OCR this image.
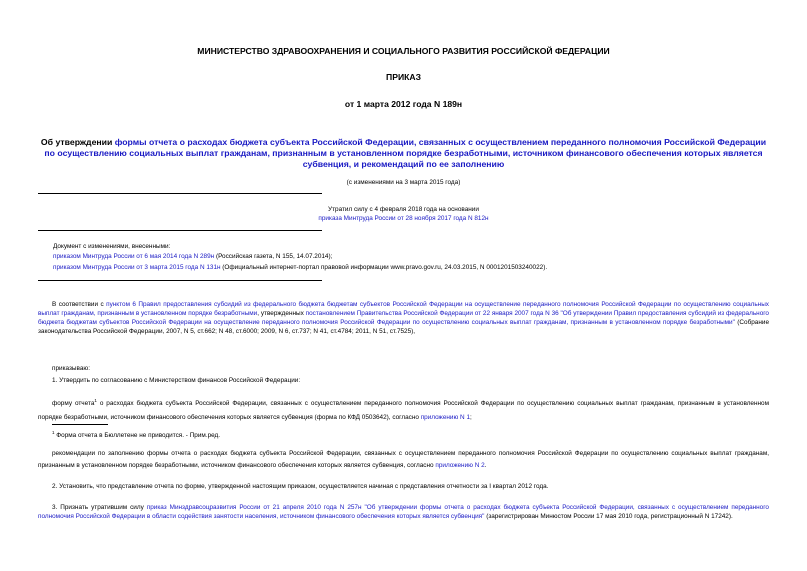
МИНИСТЕРСТВО ЗДРАВООХРАНЕНИЯ И СОЦИАЛЬНОГО РАЗВИТИЯ РОССИЙСКОЙ ФЕДЕРАЦИИ
ПРИКАЗ
от 1 марта 2012 года N 189н
Об утверждении формы отчета о расходах бюджета субъекта Российской Федерации, связанных с осуществлением переданного полномочия Российской Федерации по осуществлению социальных выплат гражданам, признанным в установленном порядке безработными, источником финансового обеспечения которых является субвенция, и рекомендаций по ее заполнению
(с изменениями на 3 марта 2015 года)
Утратил силу с 4 февраля 2018 года на основании
приказа Минтруда России от 28 ноября 2017 года N 812н
Документ с изменениями, внесенными:
приказом Минтруда России от 6 мая 2014 года N 289н (Российская газета, N 155, 14.07.2014);
приказом Минтруда России от 3 марта 2015 года N 131н (Официальный интернет-портал правовой информации www.pravo.gov.ru, 24.03.2015, N 0001201503240022).
В соответствии с пунктом 6 Правил предоставления субсидий из федерального бюджета бюджетам субъектов Российской Федерации на осуществление переданного полномочия Российской Федерации по осуществлению социальных выплат гражданам, признанным в установленном порядке безработными, утвержденных постановлением Правительства Российской Федерации от 22 января 2007 года N 36 "Об утверждении Правил предоставления субсидий из федерального бюджета бюджетам субъектов Российской Федерации на осуществление переданного полномочия Российской Федерации по осуществлению социальных выплат гражданам, признанным в установленном порядке безработными" (Собрание законодательства Российской Федерации, 2007, N 5, ст.662; N 48, ст.6000; 2009, N 6, ст.737; N 41, ст.4784; 2011, N 51, ст.7525),
приказываю:
1. Утвердить по согласованию с Министерством финансов Российской Федерации:
форму отчета$^1$ о расходах бюджета субъекта Российской Федерации, связанных с осуществлением переданного полномочия Российской Федерации по осуществлению социальных выплат гражданам, признанным в установленном порядке безработными, источником финансового обеспечения которых является субвенция (форма по КФД 0503642), согласно приложению N 1;
$^1$ Форма отчета в Бюллетене не приводится. - Прим.ред.
рекомендации по заполнению формы отчета о расходах бюджета субъекта Российской Федерации, связанных с осуществлением переданного полномочия Российской Федерации по осуществлению социальных выплат гражданам, признанным в установленном порядке безработными, источником финансового обеспечения которых является субвенция, согласно приложению N 2.
2. Установить, что представление отчета по форме, утвержденной настоящим приказом, осуществляется начиная с представления отчетности за I квартал 2012 года.
3. Признать утратившим силу приказ Минздравсоцразвития России от 21 апреля 2010 года N 257н "Об утверждении формы отчета о расходах бюджета субъекта Российской Федерации, связанных с осуществлением переданного полномочия Российской Федерации в области содействия занятости населения, источником финансового обеспечения которых является субвенция" (зарегистрирован Минюстом России 17 мая 2010 года, регистрационный N 17242).
